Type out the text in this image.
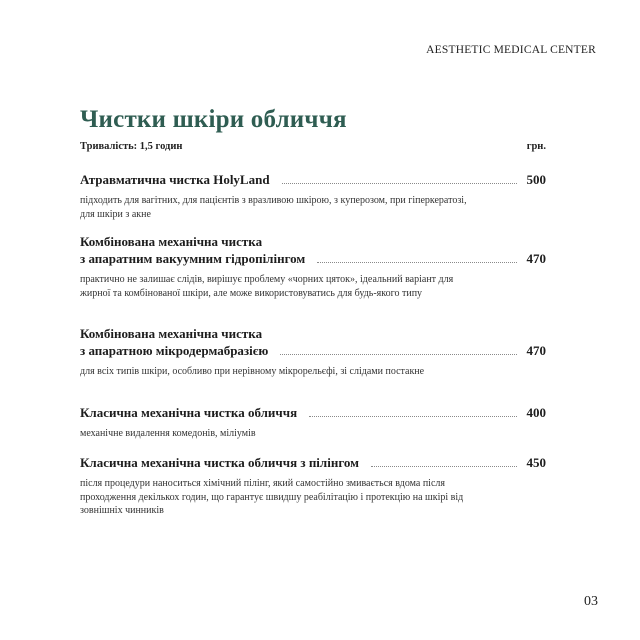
AESTHETIC MEDICAL CENTER
Чистки шкіри обличчя
Тривалість: 1,5 годин	грн.
Атравматична чистка HolyLand	500
підходить для вагітних, для пацієнтів з вразливою шкірою, з куперозом, при гіперкератозі, для шкіри з акне
Комбінована механічна чистка
з апаратним вакуумним гідропілінгом	470
практично не залишає слідів, вирішує проблему «чорних цяток», ідеальний варіант для жирної та комбінованої шкіри, але може використовуватись для будь-якого типу
Комбінована механічна чистка
з апаратною мікродермабразією	470
для всіх типів шкіри, особливо при нерівному мікрорельєфі, зі слідами постакне
Класична механічна чистка обличчя	400
механічне видалення комедонів, міліумів
Класична механічна чистка обличчя з пілінгом	450
після процедури наноситься хімічний пілінг, який самостійно змивається вдома після проходження декількох годин, що гарантує швидшу реабілітацію і протекцію на шкірі від зовнішніх чинників
03
